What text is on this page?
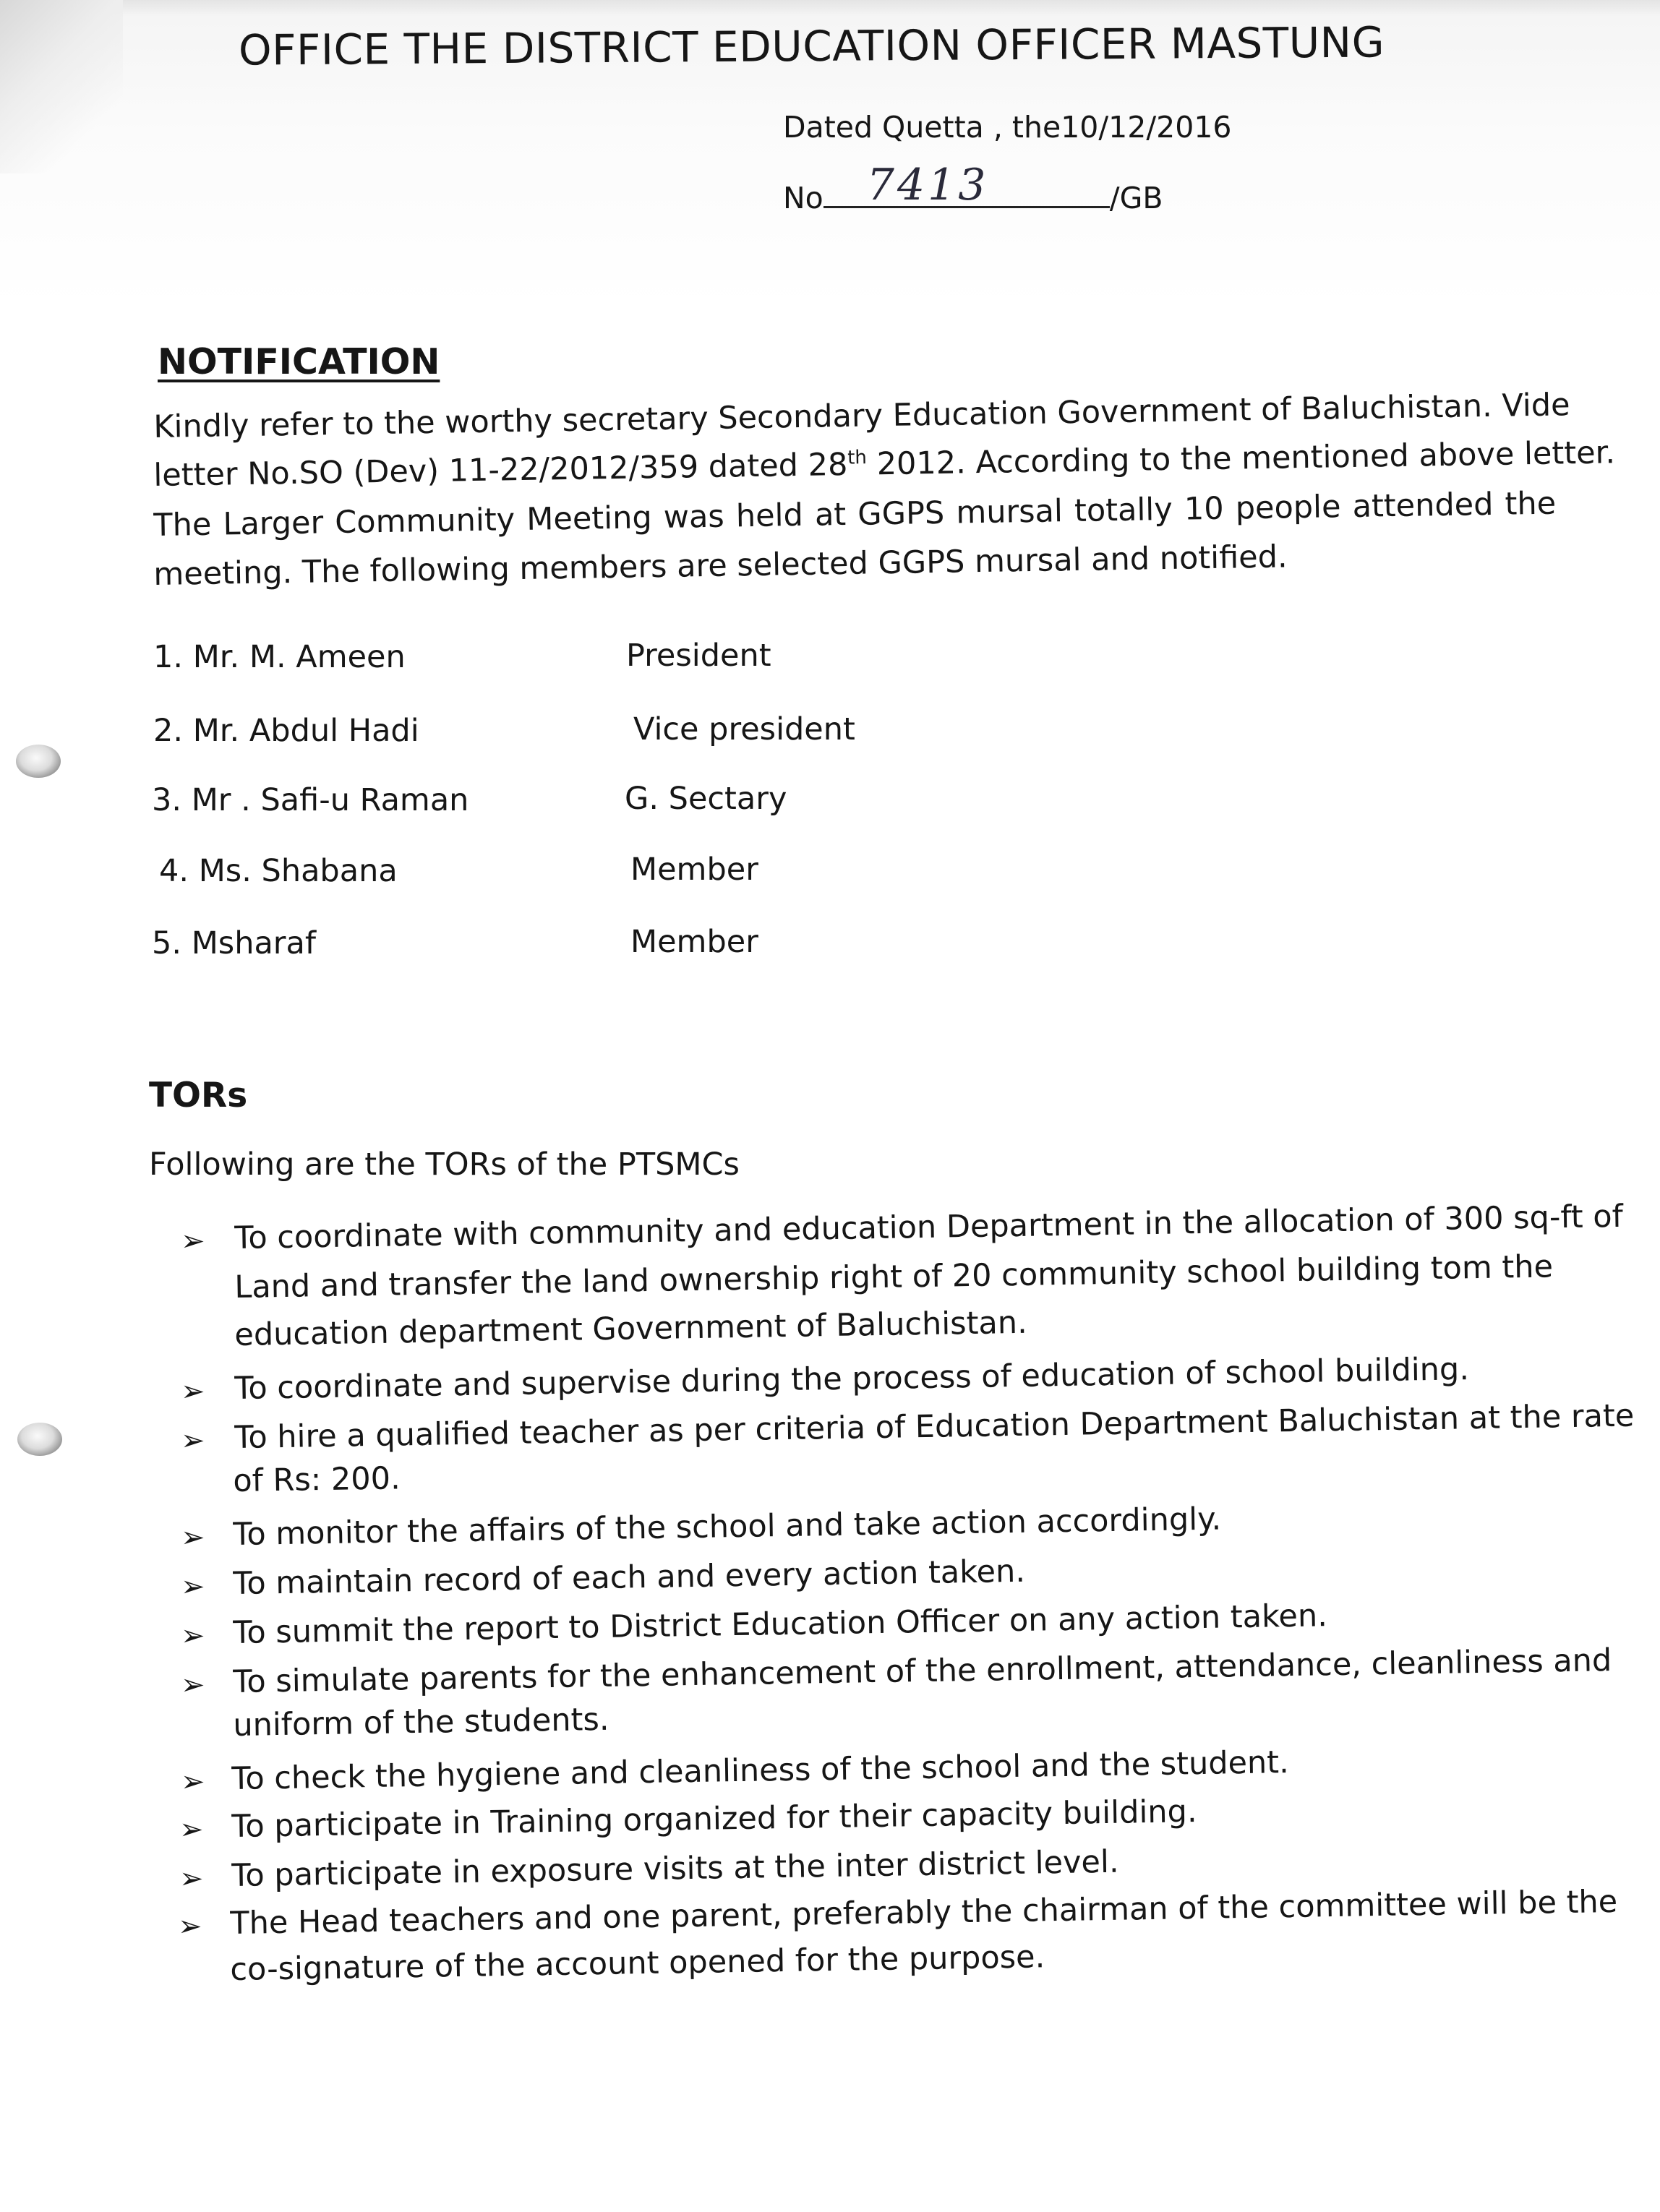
OFFICE THE DISTRICT EDUCATION OFFICER MASTUNG
Dated Quetta , the10/12/2016
No 7413	/GB
NOTIFICATION
Kindly refer to the worthy secretary Secondary Education Government of Baluchistan. Vide
letter No.SO (Dev) 11-22/2012/359 dated 28th 2012. According to the mentioned above letter.
The Larger Community Meeting was held at GGPS mursal totally 10 people attended the
meeting. The following members are selected GGPS mursal and notified.
1. Mr. M. Ameen	President
2. Mr. Abdul Hadi	Vice president
3. Mr . Safi-u Raman	G. Sectary
4. Ms. Shabana	Member
5. Msharaf	Member
TORs
Following are the TORs of the PTSMCs
➢ To coordinate with community and education Department in the allocation of 300 sq-ft of
Land and transfer the land ownership right of 20 community school building tom the
education department Government of Baluchistan.
➢ To coordinate and supervise during the process of education of school building.
➢ To hire a qualified teacher as per criteria of Education Department Baluchistan at the rate
of Rs: 200.
➢ To monitor the affairs of the school and take action accordingly.
➢ To maintain record of each and every action taken.
➢ To summit the report to District Education Officer on any action taken.
➢ To simulate parents for the enhancement of the enrollment, attendance, cleanliness and
uniform of the students.
➢ To check the hygiene and cleanliness of the school and the student.
➢ To participate in Training organized for their capacity building.
➢ To participate in exposure visits at the inter district level.
➢ The Head teachers and one parent, preferably the chairman of the committee will be the
co-signature of the account opened for the purpose.
